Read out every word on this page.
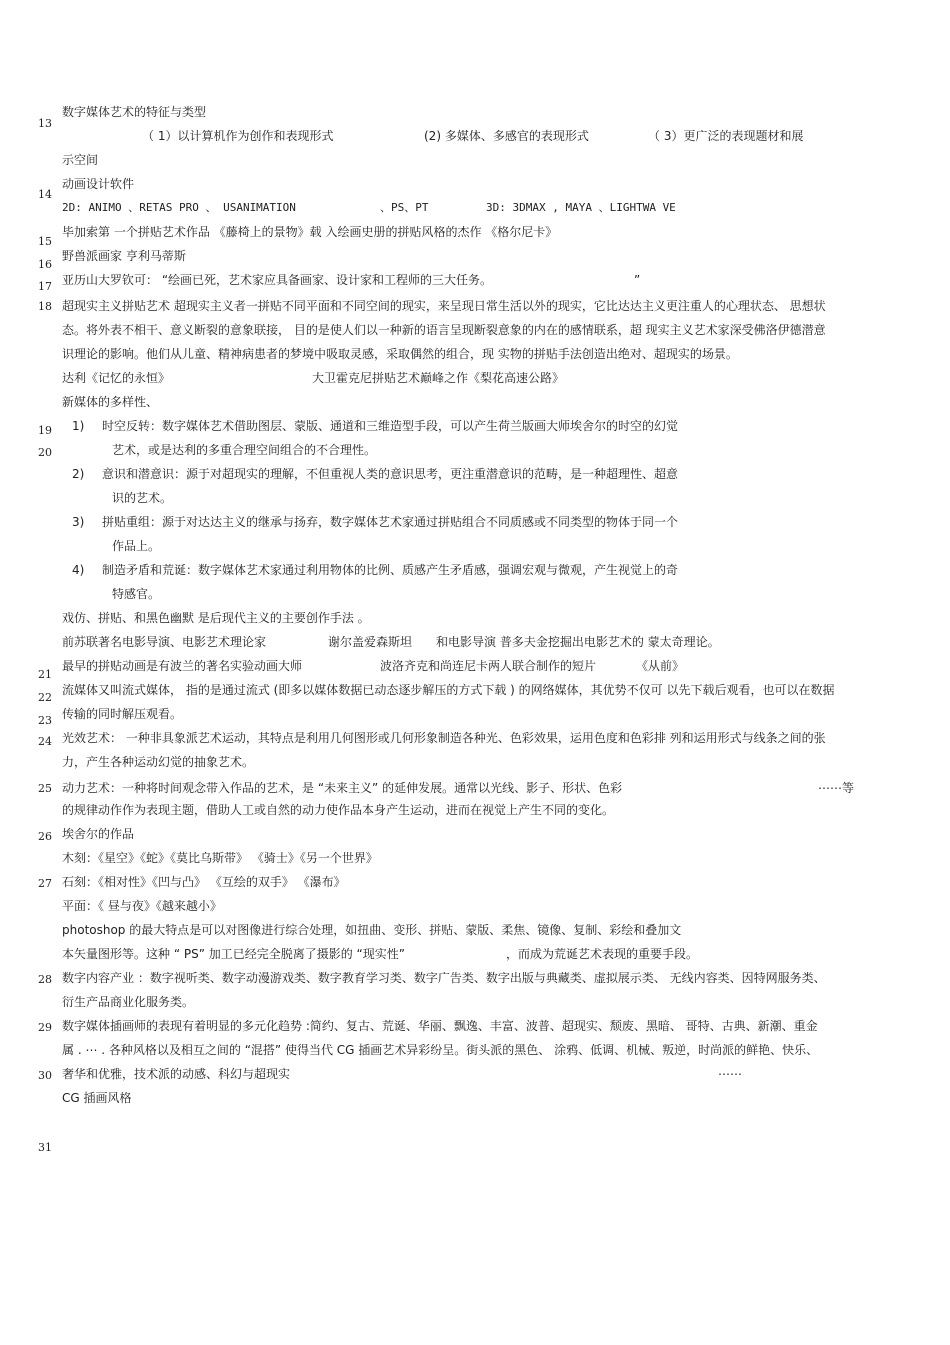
13
14
15
16
17
18
19
20
21
22
23
24
25
26
27
28
29
30
31
数字媒体艺术的特征与类型
（ 1）以计算机作为创作和表现形式	(2) 多媒体、多感官的表现形式	（ 3）更广泛的表现题材和展
示空间
动画设计软件
2D: ANIMO 、RETAS PRO 、 USANIMATION	、PS、PT	3D: 3DMAX , MAYA 、LIGHTWA VE
毕加索第 一个拼贴艺术作品 《藤椅上的景物》载 入绘画史册的拼贴风格的杰作 《格尔尼卡》
野兽派画家 亨利马蒂斯
亚历山大罗钦可： “绘画已死，艺术家应具备画家、设计家和工程师的三大任务。	”
超现实主义拼贴艺术 超现实主义者一拼贴不同平面和不同空间的现实，来呈现日常生活以外的现实，它比达达主义更注重人的心理状态、 思想状
态。将外表不相干、意义断裂的意象联接， 目的是使人们以一种新的语言呈现断裂意象的内在的感情联系，超 现实主义艺术家深受佛洛伊德潜意
识理论的影响。他们从儿童、精神病患者的梦境中吸取灵感，采取偶然的组合，现 实物的拼贴手法创造出绝对、超现实的场景。
达利《记忆的永恒》	大卫霍克尼拼贴艺术巅峰之作《梨花高速公路》
新媒体的多样性、
1) 时空反转：数字媒体艺术借助图层、蒙版、通道和三维造型手段，可以产生荷兰版画大师埃舍尔的时空的幻觉
艺术，或是达利的多重合理空间组合的不合理性。
2) 意识和潜意识：源于对超现实的理解，不但重视人类的意识思考，更注重潜意识的范畴，是一种超理性、超意
识的艺术。
3) 拼贴重组：源于对达达主义的继承与扬弃，数字媒体艺术家通过拼贴组合不同质感或不同类型的物体于同一个
作品上。
4) 制造矛盾和荒诞：数字媒体艺术家通过利用物体的比例、质感产生矛盾感，强调宏观与微观，产生视觉上的奇
特感官。
戏仿、拼贴、和黑色幽默 是后现代主义的主要创作手法 。
前苏联著名电影导演、电影艺术理论家	谢尔盖爱森斯坦 和电影导演 普多夫金挖掘出电影艺术的 蒙太奇理论。
最早的拼贴动画是有波兰的著名实验动画大师	波洛齐克和尚连尼卡两人联合制作的短片	《从前》
流媒体又叫流式媒体， 指的是通过流式 (即多以媒体数据已动态逐步解压的方式下载 ) 的网络媒体，其优势不仅可 以先下载后观看，也可以在数据
传输的同时解压观看。
光效艺术： 一种非具象派艺术运动，其特点是利用几何图形或几何形象制造各种光、色彩效果，运用色度和色彩排 列和运用形式与线条之间的张
力，产生各种运动幻觉的抽象艺术。
动力艺术：一种将时间观念带入作品的艺术，是 “未来主义” 的延伸发展。通常以光线、影子、形状、色彩	⋯⋯等
的规律动作作为表现主题，借助人工或自然的动力使作品本身产生运动，进而在视觉上产生不同的变化。
埃舍尔的作品
木刻：《星空》《蛇》《莫比乌斯带》 《骑士》《另一个世界》
石刻：《相对性》《凹与凸》 《互绘的双手》 《瀑布》
平面：《 昼与夜》《越来越小》
photoshop 的最大特点是可以对图像进行综合处理，如扭曲、变形、拼贴、蒙版、柔焦、镜像、复制、彩绘和叠加文
本矢量图形等。这种 “ PS” 加工已经完全脱离了摄影的 “现实性”	，而成为荒诞艺术表现的重要手段。
数字内容产业 ：数字视听类、数字动漫游戏类、数字教育学习类、数字广告类、数字出版与典藏类、虚拟展示类、 无线内容类、因特网服务类、
衍生产品商业化服务类。
数字媒体插画师的表现有着明显的多元化趋势 :简约、复古、荒诞、华丽、飘逸、丰富、波普、超现实、颓废、黑暗、 哥特、古典、新潮、重金
属 . ⋯ . 各种风格以及相互之间的 “混搭” 使得当代 CG 插画艺术异彩纷呈。街头派的黑色、 涂鸦、低调、机械、叛逆，时尚派的鲜艳、快乐、
奢华和优雅，技术派的动感、科幻与超现实	⋯⋯
CG 插画风格
